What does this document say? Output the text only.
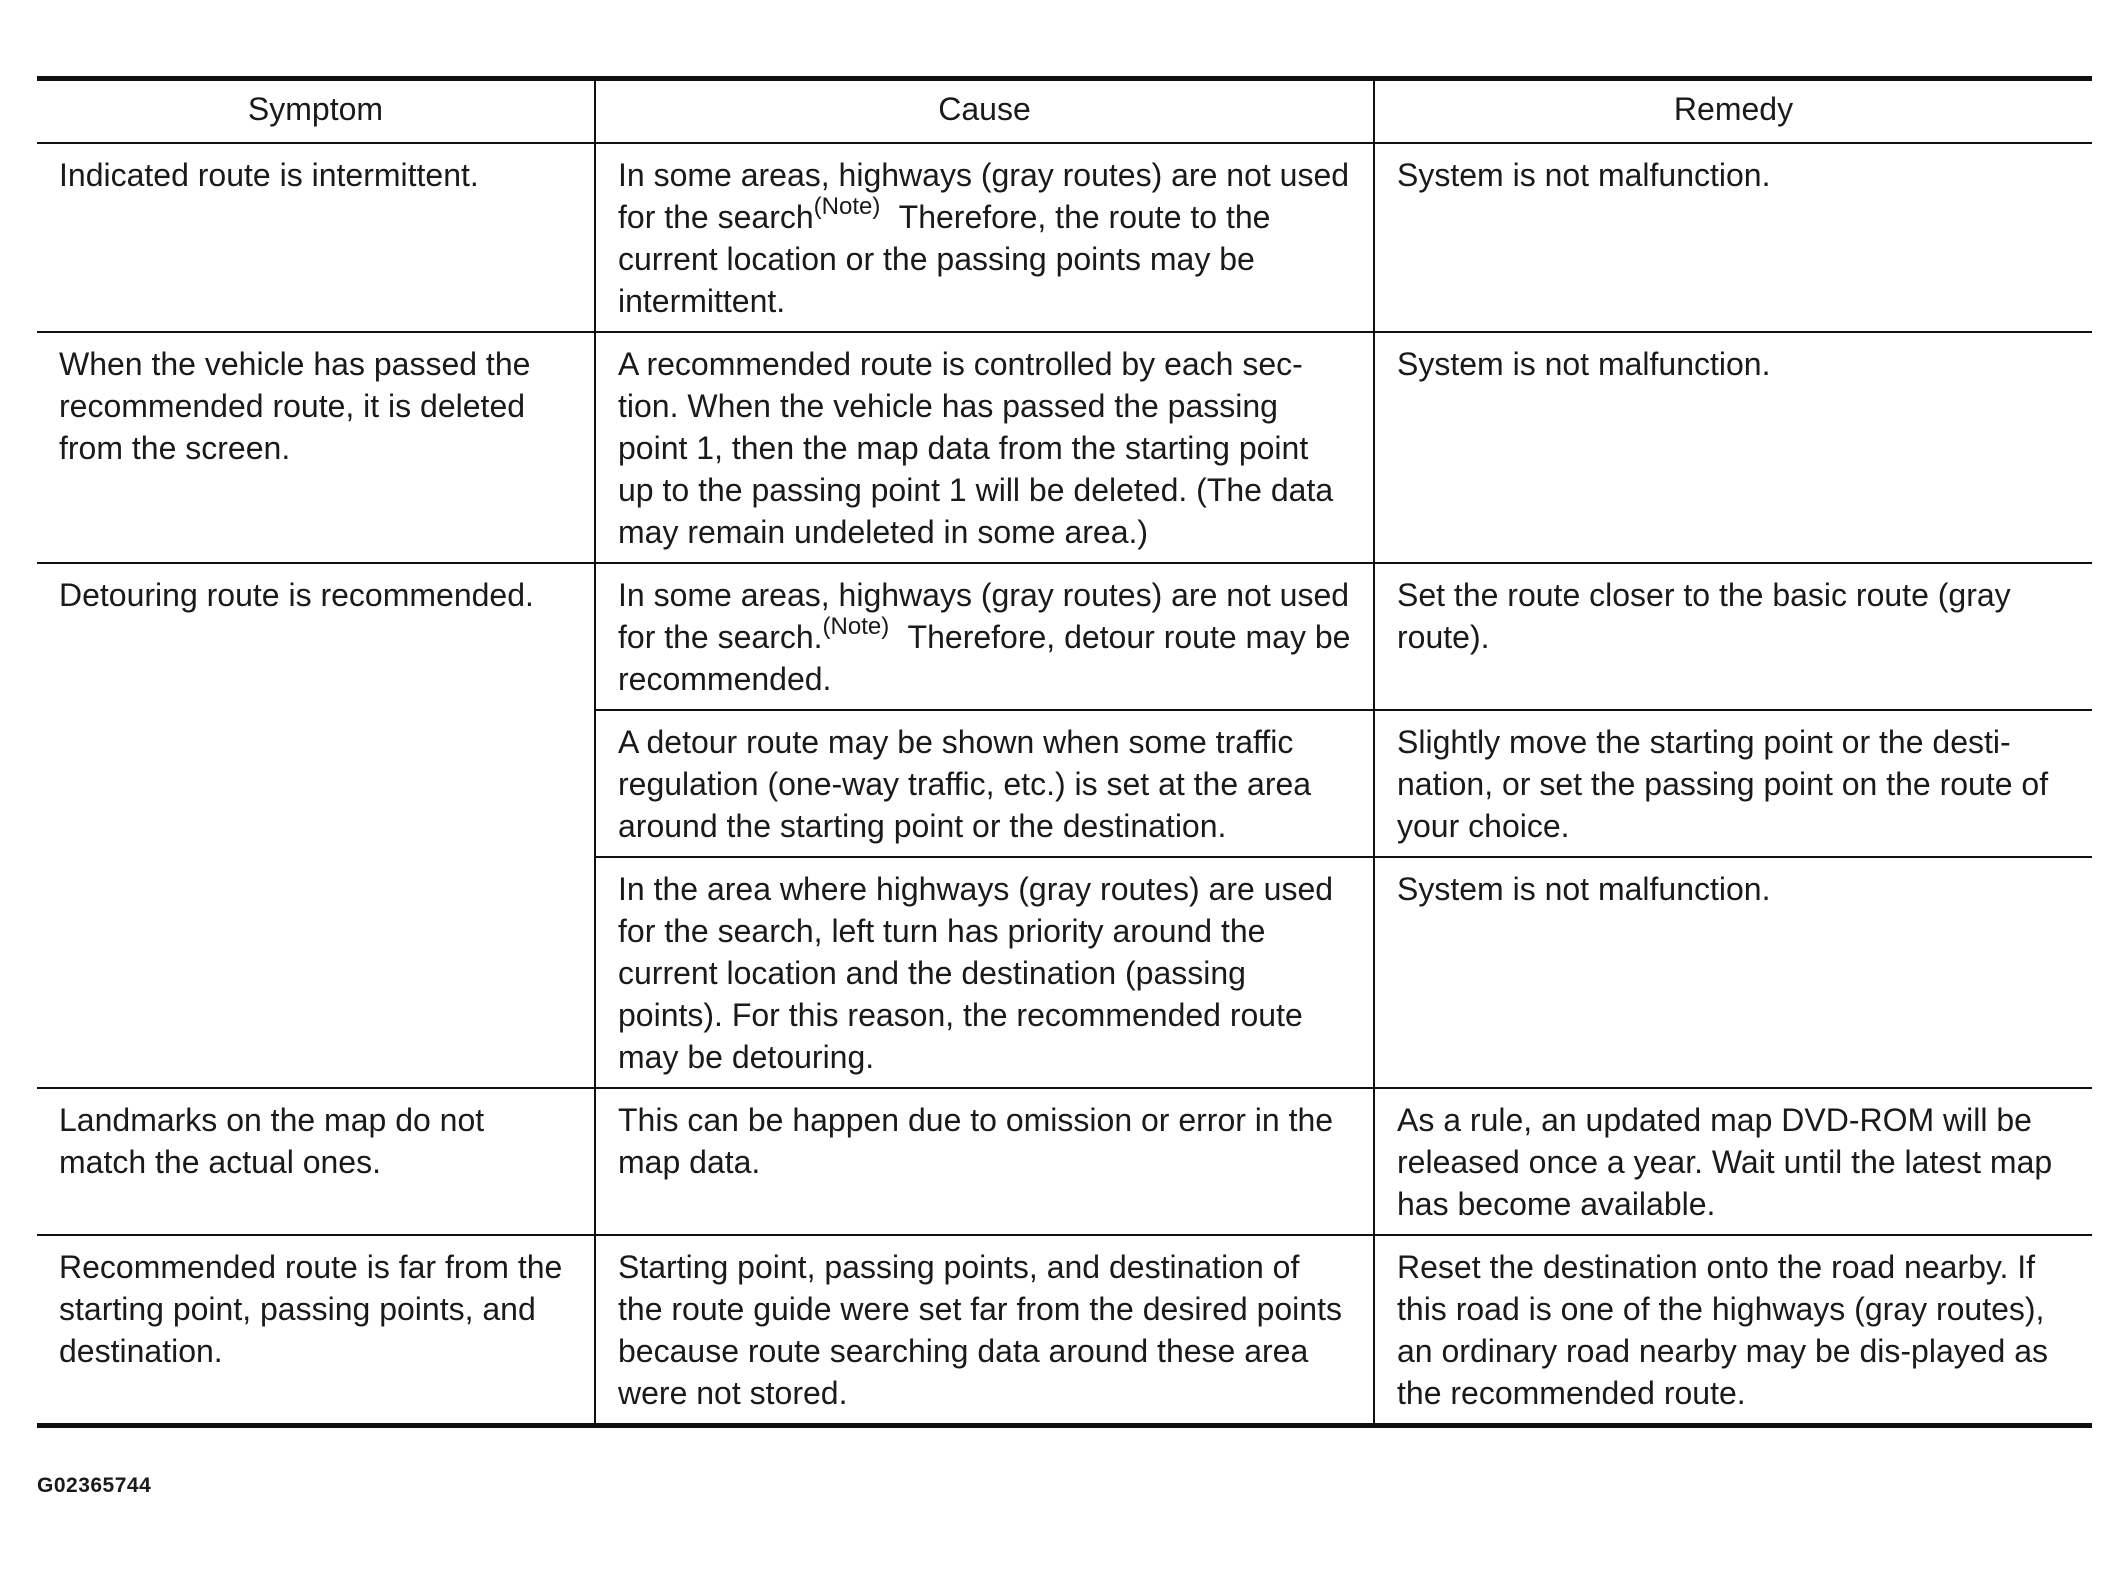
Symptom	Cause	Remedy
Indicated route is intermittent.	In some areas, highways (gray routes) are not used for the search$^{(Note)}$ Therefore, the route to the current location or the passing points may be intermittent.	System is not malfunction.
When the vehicle has passed the recommended route, it is deleted from the screen.	A recommended route is controlled by each sec-tion. When the vehicle has passed the passing point 1, then the map data from the starting point up to the passing point 1 will be deleted. (The data may remain undeleted in some area.)	System is not malfunction.
Detouring route is recommended.	In some areas, highways (gray routes) are not used for the search.$^{(Note)}$ Therefore, detour route may be recommended.	Set the route closer to the basic route (gray route).
	A detour route may be shown when some traffic regulation (one-way traffic, etc.) is set at the area around the starting point or the destination.	Slightly move the starting point or the desti-nation, or set the passing point on the route of your choice.
	In the area where highways (gray routes) are used for the search, left turn has priority around the current location and the destination (passing points). For this reason, the recommended route may be detouring.	System is not malfunction.
Landmarks on the map do not match the actual ones.	This can be happen due to omission or error in the map data.	As a rule, an updated map DVD-ROM will be released once a year. Wait until the latest map has become available.
Recommended route is far from the starting point, passing points, and destination.	Starting point, passing points, and destination of the route guide were set far from the desired points because route searching data around these area were not stored.	Reset the destination onto the road nearby. If this road is one of the highways (gray routes), an ordinary road nearby may be dis-played as the recommended route.
G02365744
